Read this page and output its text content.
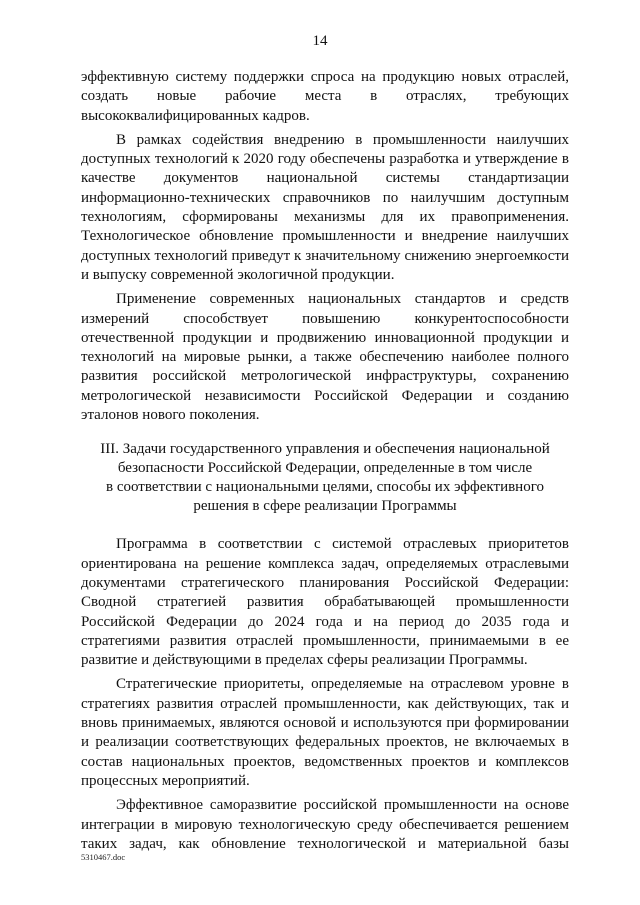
14

эффективную систему поддержки спроса на продукцию новых отраслей, создать новые рабочие места в отраслях, требующих высококвалифицированных кадров.

В рамках содействия внедрению в промышленности наилучших доступных технологий к 2020 году обеспечены разработка и утверждение в качестве документов национальной системы стандартизации информационно-технических справочников по наилучшим доступным технологиям, сформированы механизмы для их правоприменения. Технологическое обновление промышленности и внедрение наилучших доступных технологий приведут к значительному снижению энергоемкости и выпуску современной экологичной продукции.

Применение современных национальных стандартов и средств измерений способствует повышению конкурентоспособности отечественной продукции и продвижению инновационной продукции и технологий на мировые рынки, а также обеспечению наиболее полного развития российской метрологической инфраструктуры, сохранению метрологической независимости Российской Федерации и созданию эталонов нового поколения.

III. Задачи государственного управления и обеспечения национальной
безопасности Российской Федерации, определенные в том числе
в соответствии с национальными целями, способы их эффективного
решения в сфере реализации Программы

Программа в соответствии с системой отраслевых приоритетов ориентирована на решение комплекса задач, определяемых отраслевыми документами стратегического планирования Российской Федерации: Сводной стратегией развития обрабатывающей промышленности Российской Федерации до 2024 года и на период до 2035 года и стратегиями развития отраслей промышленности, принимаемыми в ее развитие и действующими в пределах сферы реализации Программы.

Стратегические приоритеты, определяемые на отраслевом уровне в стратегиях развития отраслей промышленности, как действующих, так и вновь принимаемых, являются основой и используются при формировании и реализации соответствующих федеральных проектов, не включаемых в состав национальных проектов, ведомственных проектов и комплексов процессных мероприятий.

Эффективное саморазвитие российской промышленности на основе интеграции в мировую технологическую среду обеспечивается решением таких задач, как обновление технологической и материальной базы

5310467.doc
